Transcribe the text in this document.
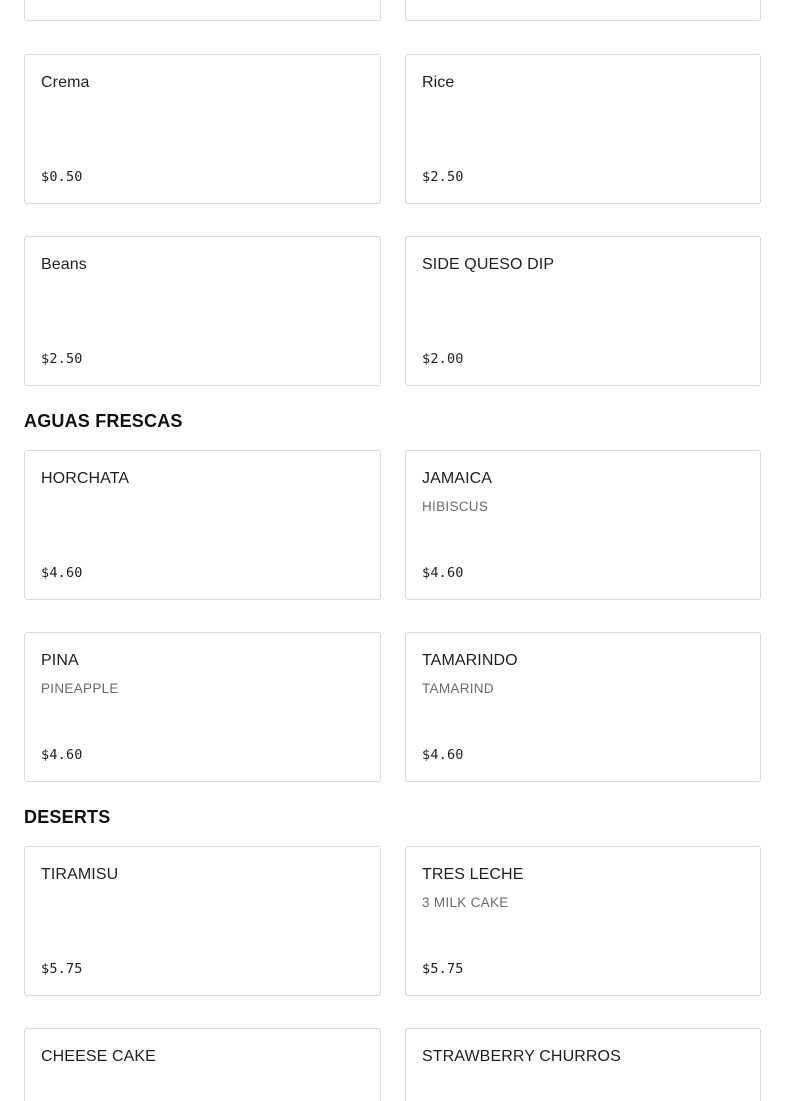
Crema
$0.50
Rice
$2.50
Beans
$2.50
SIDE QUESO DIP
$2.00
AGUAS FRESCAS
HORCHATA
$4.60
JAMAICA
HIBISCUS
$4.60
PINA
PINEAPPLE
$4.60
TAMARINDO
TAMARIND
$4.60
DESERTS
TIRAMISU
$5.75
TRES LECHE
3 MILK CAKE
$5.75
CHEESE CAKE	STRAWBERRY CHURROS
